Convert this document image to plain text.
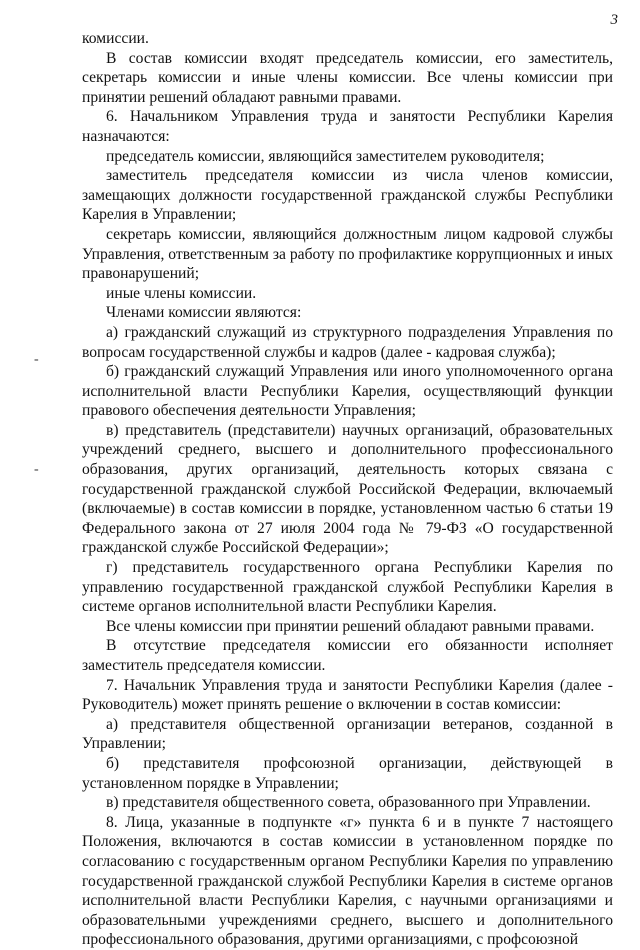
3
-
-

комиссии.

В состав комиссии входят председатель комиссии, его заместитель, секретарь комиссии и иные члены комиссии. Все члены комиссии при принятии решений обладают равными правами.

6. Начальником Управления труда и занятости Республики Карелия назначаются:

председатель комиссии, являющийся заместителем руководителя;

заместитель председателя комиссии из числа членов комиссии, замещающих должности государственной гражданской службы Республики Карелия в Управлении;

секретарь комиссии, являющийся должностным лицом кадровой службы Управления, ответственным за работу по профилактике коррупционных и иных правонарушений;

иные члены комиссии.

Членами комиссии являются:

а) гражданский служащий из структурного подразделения Управления по вопросам государственной службы и кадров (далее - кадровая служба);

б) гражданский служащий Управления или иного уполномоченного органа исполнительной власти Республики Карелия, осуществляющий функции правового обеспечения деятельности Управления;

в) представитель (представители) научных организаций, образовательных учреждений среднего, высшего и дополнительного профессионального образования, других организаций, деятельность которых связана с государственной гражданской службой Российской Федерации, включаемый (включаемые) в состав комиссии в порядке, установленном частью 6 статьи 19 Федерального закона от 27 июля 2004 года № 79-ФЗ «О государственной гражданской службе Российской Федерации»;

г) представитель государственного органа Республики Карелия по управлению государственной гражданской службой Республики Карелия в системе органов исполнительной власти Республики Карелия.

Все члены комиссии при принятии решений обладают равными правами.

В отсутствие председателя комиссии его обязанности исполняет заместитель председателя комиссии.

7. Начальник Управления труда и занятости Республики Карелия (далее - Руководитель) может принять решение о включении в состав комиссии:

а) представителя общественной организации ветеранов, созданной в Управлении;

б) представителя профсоюзной организации, действующей в установленном порядке в Управлении;

в) представителя общественного совета, образованного при Управлении.

8. Лица, указанные в подпункте «г» пункта 6 и в пункте 7 настоящего Положения, включаются в состав комиссии в установленном порядке по согласованию с государственным органом Республики Карелия по управлению государственной гражданской службой Республики Карелия в системе органов исполнительной власти Республики Карелия, с научными организациями и образовательными учреждениями среднего, высшего и дополнительного профессионального образования, другими организациями, с профсоюзной
